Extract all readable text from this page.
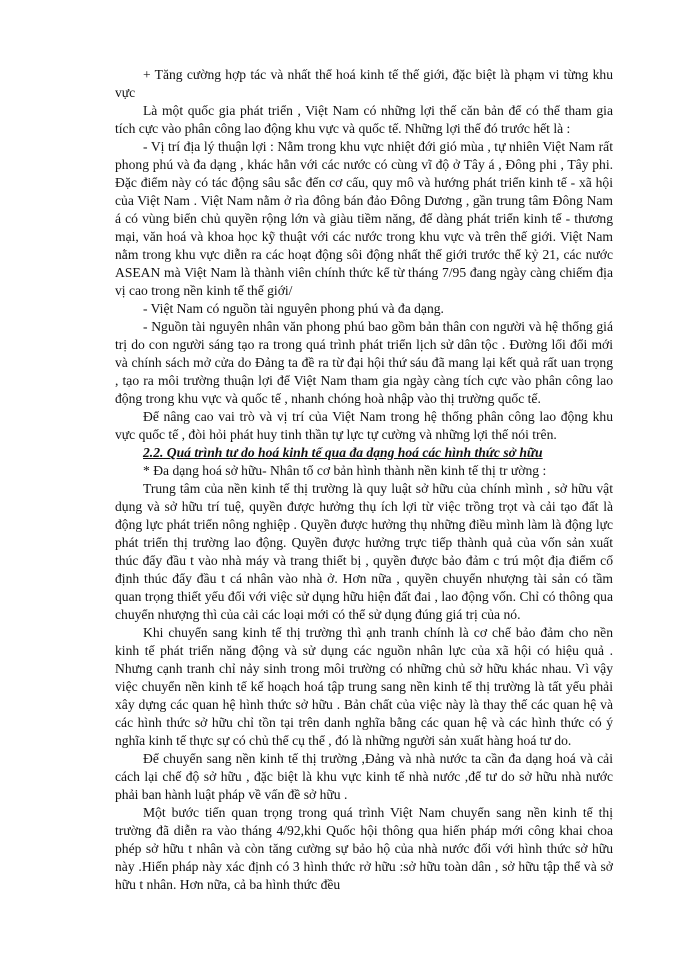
+ Tăng cường hợp tác và nhất thể hoá kinh tế thế giới, đặc biệt là phạm vi từng khu vực

Là một quốc gia phát triển , Việt Nam có những lợi thế căn bản để có thể tham gia tích cực vào phân công lao động khu vực và quốc tế. Những lợi thế đó trước hết là :

- Vị trí địa lý thuận lợi : Nằm trong khu vực nhiệt đới gió mùa , tự nhiên Việt Nam rất phong phú và đa dạng , khác hẳn với các nước có cùng vĩ độ ở Tây á , Đông phi , Tây phi. Đặc điểm này có tác động sâu sắc đến cơ cấu, quy mô và hướng phát triển kinh tế - xã hội của Việt Nam . Việt Nam nằm ở rìa đông bán đảo Đông Dương , gần trung tâm Đông Nam á có vùng biển chủ quyền rộng lớn và giàu tiềm năng, để dàng phát triển kinh tế - thương mại, văn hoá và khoa học kỹ thuật với các nước trong khu vực và trên thế giới. Việt Nam nằm trong khu vực diễn ra các hoạt động sôi động nhất thế giới trước thế kỷ 21, các nước ASEAN mà Việt Nam là thành viên chính thức kể từ tháng 7/95 đang ngày càng chiếm địa vị cao trong nền kinh tế thế giới/

- Việt Nam có nguồn tài nguyên phong phú và đa dạng.

- Nguồn tài nguyên nhân văn phong phú bao gồm bản thân con người và hệ thống giá trị do con người sáng tạo ra trong quá trình phát triển lịch sử dân tộc . Đường lối đổi mới và chính sách mở cửa do Đảng ta đề ra từ đại hội thứ sáu đã mang lại kết quả rất uan trọng , tạo ra môi trường thuận lợi để Việt Nam tham gia ngày càng tích cực vào phân công lao động trong khu vực và quốc tế , nhanh chóng hoà nhập vào thị trường quốc tế.

Để nâng cao vai trò và vị trí của Việt Nam trong hệ thống phân công lao động khu vực quốc tế , đòi hỏi phát huy tinh thần tự lực tự cường và những lợi thế nói trên.

2.2. Quá trình tư do hoá kinh tế qua đa dạng hoá các hình thức sở hữu

* Đa dạng hoá sở hữu- Nhân tố cơ bản hình thành nền kinh tế thị tr ường :

Trung tâm của nền kinh tế thị trường là quy luật sở hữu của chính mình , sở hữu vật dụng và sở hữu trí tuệ, quyền được hưởng thụ ích lợi từ việc trồng trọt và cải tạo đất là động lực phát triển nông nghiệp . Quyền được hưởng thụ những điều mình làm là động lực phát triển thị trường lao động. Quyền được hưởng trực tiếp thành quả của vốn sản xuất thúc đẩy đầu t vào nhà máy và trang thiết bị , quyền được bảo đảm c trú một địa điểm cố định thúc đẩy đầu t cá nhân vào nhà ở. Hơn nữa , quyền chuyển nhượng tài sản có tầm quan trọng thiết yếu đối với việc sử dụng hữu hiện đất đai , lao động vốn. Chỉ có thông qua chuyển nhượng thì của cải các loại mới có thể sử dụng đúng giá trị của nó.

Khi chuyển sang kinh tế thị trường thì ạnh tranh chính là cơ chế bảo đảm cho nền kinh tế phát triển năng động và sử dụng các nguồn nhân lực của xã hội có hiệu quả . Nhưng cạnh tranh chỉ nảy sinh trong môi trường có những chủ sở hữu khác nhau. Vì vậy việc chuyển nền kinh tế kế hoạch hoá tập trung sang nền kinh tế thị trường là tất yếu phải xây dựng các quan hệ hình thức sở hữu . Bản chất của việc này là thay thế các quan hệ và các hình thức sở hữu chỉ tồn tại trên danh nghĩa bằng các quan hệ và các hình thức có ý nghĩa kinh tế thực sự có chủ thể cụ thể , đó là những người sản xuất hàng hoá tư do.

Để chuyển sang nền kinh tế thị trường ,Đảng và nhà nước ta cần đa dạng hoá và cải cách lại chế độ sở hữu , đặc biệt là khu vực kinh tế nhà nước ,để tư do sở hữu nhà nước phải ban hành luật pháp về vấn đề sở hữu .

Một bước tiến quan trọng trong quá trình Việt Nam chuyển sang nền kinh tế thị trường đã diễn ra vào tháng 4/92,khi Quốc hội thông qua hiến pháp mới công khai choa phép sở hữu t nhân và còn tăng cường sự bảo hộ của nhà nước đối với hình thức sở hữu này .Hiến pháp này xác định có 3 hình thức rở hữu :sở hữu toàn dân , sở hữu tập thể và sở hữu t nhân. Hơn nữa, cả ba hình thức đều
